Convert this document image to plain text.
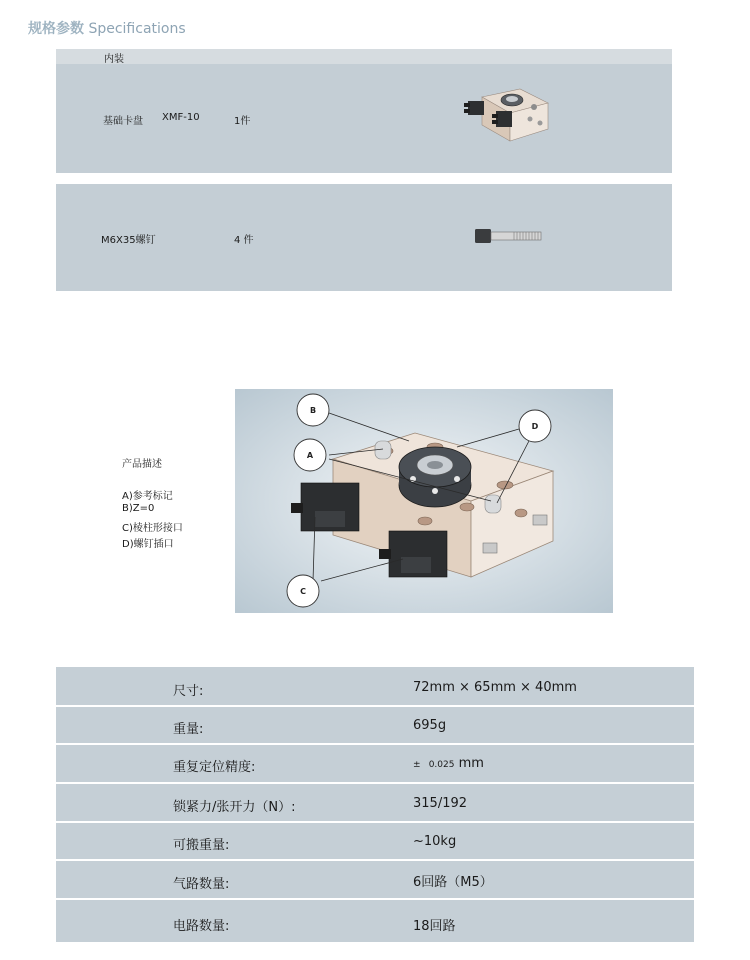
规格参数 Specifications
内装
基础卡盘 XMF-10	1件
M6X35螺钉	4 件
产品描述
A)参考标记
B)Z=0
C)棱柱形接口
D)螺钉插口
B
A
D
C
尺寸:	72mm × 65mm × 40mm
重量:	695g
重复定位精度:	± 0.025 mm
锁紧力/张开力（N）:	315/192
可搬重量:	~10kg
气路数量:	6回路（M5）
电路数量:	18回路
